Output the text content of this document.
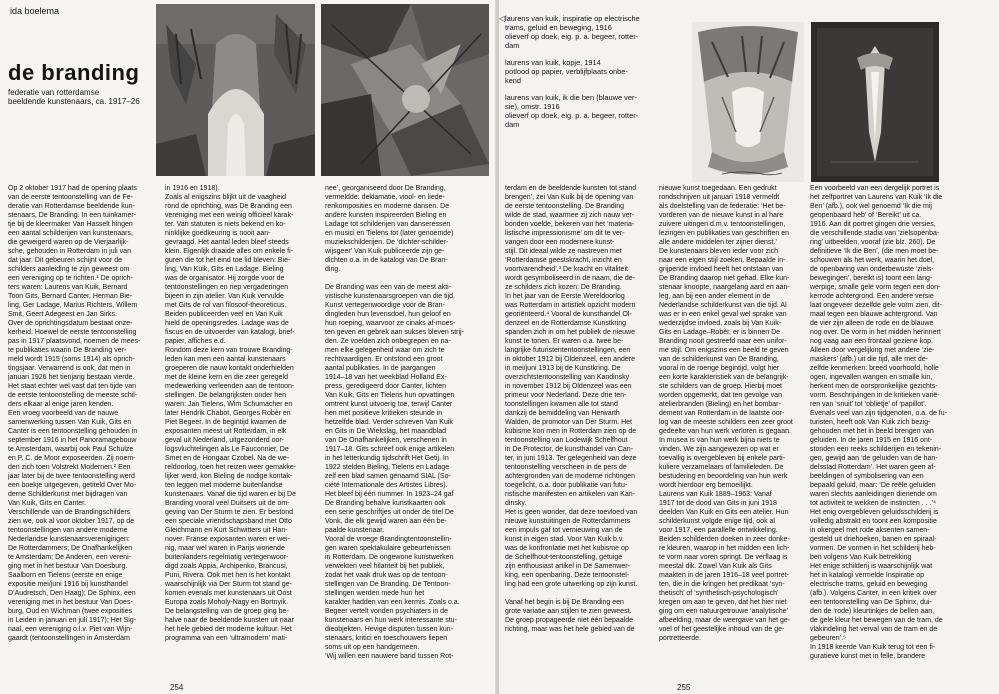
ida boelema
de branding
federatie van rotterdamse
beeldende kunstenaars, ca. 1917–26
Op 2 oktober 1917 had de opening plaats
van de eerste tentoonstelling van de Fe-
deratie van Rotterdamse beeldende kun-
stenaars, De Branding. In een tuinkamer-
tje bij de kleermaker Van Hasselt hingen
een aantal schilderijen van kunstenaars,
die geweigerd waren op de Vierjaarlijk-
sche, gehouden in Rotterdam in juli van
dat jaar. Dit gebeuren schijnt voor de
schilders aanleiding te zijn geweest om
een vereniging op te richten.¹ De oprich-
ters waren: Laurens van Kuik, Bernard
Toon Gits, Bernard Canter, Herman Bie-
ling, Ger Ladage, Marius Richters, Willem
Smit, Geert Adegeest en Jan Sirks.
Over de oprichtingsdatum bestaat onze-
kerheid. Hoewel de eerste tentoonstelling
pas in 1917 plaatsvond, noemen de mees-
te publikaties waarin De Branding ver-
meld wordt 1915 (soms 1914) als oprich-
tingsjaar. Verwarrend is ook, dat men in
januari 1926 het tienjarig bestaan vierde.
Het staat echter wel vast dat ten tijde van
de eerste tentoonstelling de meeste schil-
ders elkaar al enige jaren kenden.
Een vroeg voorbeeld van de nauwe
samenwerking tussen Van Kuik, Gits en
Canter is een tentoonstelling gehouden in
september 1916 in het Panoramagebouw
te Amsterdam, waarbij ook Paul Schulze
en P. C. de Moor exposeerden. Zij noem-
den zich toen Volstrekt Modernen.² Een
jaar later bij de twee tentoonstelling werd
een boekje uitgegeven, getiteld Over Mo-
derne Schilderkunst met bijdragen van
Van Kuik, Gits en Canter.
Verschillende van de Brandingschilders
zien we, ook al voor oktober 1917, op de
tentoonstellingen van andere moderne
Nederlandse kunstenaarsverenigingen:
De Rotterdammers; De Onafhankelijken
te Amsterdam; De Anderen, een vereni-
ging met in het bestuur Van Doesburg.
Saalborn en Tielens (eerste en enige
expositie mei/juni 1916 bij kunsthandel
D’Audretsch, Den Haag); De Sphinx, een
vereniging met in het bestuur Van Does-
burg, Oud en Wichman (twee exposities
in Leiden in januari en juli 1917); Het Sig-
naal, een vereniging o.l.v. Piet van Wijn-
gaardt (tentoonstellingen in Amsterdam
in 1916 en 1918).
Zoals al enigszins blijkt uit de vaagheid
rond de oprichting, was De Branding een
vereniging met een weinig officieel karak-
ter. Van statuten is niets bekend en ko-
ninklijke goedkeuring is nooit aan-
gevraagd. Het aantal leden bleef steeds
klein. Eigenlijk draaide alles om enkele fi-
guren die tot het eind toe lid bleven: Bie-
ling, Van Kuik, Gits en Ladage. Bieling
was de organisator. Hij zorgde voor de
tentoonstellingen en riep vergaderingen
bijeen in zijn atelier. Van Kuik vervulde
met Gits de rol van filosoof-theoreticus.
Beiden publiceerden veel en Van Kuik
hield de openingsredes. Ladage was de
fiscus en de uitvoerder van katalogi, brief-
papier, affiches e.d.
Rondom deze kern van trouwe Branding-
leden kan men een aantal kunstenaars
groeperen die nauw kontakt onderhielden
met de kleine kern en die zeer geregeld
medewerking verleenden aan de tentoon-
stellingen. De belangrijksten onder hen
waren: Jan Tielens, Wim Schumacher en
later Hendrik Chabot, Georges Robèr en
Piet Begeer. In de begintijd kwamen de
exposanten meest uit Rotterdam, in elk
geval uit Nederland, uitgezonderd oor-
logsvluchtelingen als Le Fauconnier, De
Smet en de Hongaar Czobel. Na de we-
reldoorlog, toen het reizen weer gemakke-
lijker werd, kon Bieling de nodige kontak-
ten leggen met moderne buitenlandse
kunstenaars. Vanaf die tijd waren er bij De
Branding vooral veel Duitsers uit de om-
geving van Der Sturm te zien. Er bestond
een speciale vriendschapsband met Otto
Gleichmann en Kurt Schwitters uit Han-
nover. Franse exposanten waren er wei-
nig, maar wel waren in Parijs wonende
buitenlanders regelmatig vertegenwoor-
digd zoals Appia, Archipenko, Brancusi,
Puni, Rivera. Ook met hen is het kontakt
waarschijnlijk via Der Sturm tot stand ge-
komen evenals met kunstenaars uit Oost
Europa zoals Moholy-Nagy en Bortnyik.
De belangstelling van de groep ging be-
halve naar de beeldende kunsten uit naar
het hele gebied der moderne kultuur. Het
programma van een ‘ultramodern’ mati-
nee’, georganiseerd door De Branding,
vermeldde: deklamatie, viool- en liede-
renkomposities en moderne dansen. De
andere kunsten inspireerden Bieling en
Ladage tot schilderijen van danseressen
en musici en Tielens tot (later genoemde)
muziekschilderijen. De ‘dichter-schilder-
wijsgeer’ Van Kuik publiceerde zijn ge-
dichten o.a. in de katalogi van De Bran-
ding.
De Branding was een van de meest akti-
vistische kunstenaarsgroepen van die tijd.
Kunst vertegenwoordige voor de Bran-
dingleden hun levensdoel, hun geloof en
hun roeping, waarvoor ze cinaks af-moes-
ten geven en gebrek aan sukses bleven strij-
den. Ze voelden zich onbegrepen en na-
men elke gelegenheid waar om zich te
rechtvaardigen. Er ontstond een groot
aantal publikaties. In de jaargangen
1914–18 van het weekblad Holland Ex-
press, geredigeerd door Canter, lichten
Van Kuik, Gits en Tielens hun opvattingen
omtrent kunst uitvoerig toe, terwijl Canter
hen met positieve kritieken steunde in
hetzelfde blad. Verder schreven Van Kuik
en Gits in De Wiekslag, het maandblad
van De Onafhankelijken, verschenen in
1917–18. Gits schreef ook enige artikelen
in het letterkundig tijdschrift Het Getij. In
1922 stelden Bieling, Tielens en Ladage
zelf een blad samen genaamd SIAL (So-
ciété Internationale des Artistes Libres).
Het bleef bij één nummer. In 1923–24 gaf
De Branding behalve kunstkaarten ook
een serie geschriftjes uit onder de titel De
Vonk, die elk gewijd waren aan één be-
paalde kunstenaar.
Vooral de vroege Brandingtentoonstellin-
gen waren spektakulaire gebeurtenissen
in Rotterdam. De ongewone kunstwerken
verwekten veel hilariteit bij het publiek,
zodat het vaak druk was op de tentoon-
stellingen van De Branding. De Tentoon-
stellingen werden mede hun het
karakter hadden van een kermis. Zoals o.a.
Begeer vertelt vonden psychiaters in de
kunstenaars en hun werk interessante stu-
dieobjekten. Hevige disputen tussen kun-
stenaars, kritici en toeschouwers liepen
soms uit op een handgemeen.
‘Wij willen een nauwere band tussen Rot-
254
laurens van kuik, inspiratie op electrische
trams, geluid en beweging, 1916
olieverf op doek, eig. p. a. begeer, rotter-
dam
laurens van kuik, kopje, 1914
potlood op papier, verblijfplaats onbe-
kend
laurens van kuik, ik die ben (blauwe ver-
sie), omstr. 1916
olieverf op doek, eig. p. a. begeer, rotter-
dam
◁
terdam en de beeldende kunsten tot stand
brengen’, zei Van Kuik bij de opening van
de eerste tentoonstelling. De Branding
wilde de stad, waarmee zij zich nauw ver-
bonden voelde, bekeren van het ‘materia-
listische impressionisme’ om dit te ver-
vangen door een modernere kunst-
stijl. Dit ideaal wilde ze nastreven met
‘Rotterdamse geestskracht, inzicht en
voortvarendheid’.³ De kracht en vitaliteit
wordt gesymboliseerd in de naam, die de-
ze schilders zich kozen: De Branding.
In het jaar van de Eerste Wereldoorlog
was Rotterdam in artistiek opzicht modern
georiënteerd.⁴ Vooral de kunsthandel Ol-
denzeel en de Rotterdamse Kunstkring
spanden zich in om het publiek de nieuwe
kunst te tonen. Er waren o.a. twee be-
langrijke futuristententoonstellingen, een
in oktober 1912 bij Oldenzeel, een andere
in mei/juni 1913 bij de Kunstkring. De
overzichtstentoonstelling van Kandinsky
in november 1912 bij Oldenzeel was een
primeur voor Nederland. Deze drie ten-
toonstellingen kwamen alle tot stand
dankzij de bemiddeling van Herwarth
Walden, de promotor van Der Sturm. Het
kubisme kon men in Rotterdam zien op de
tentoonstelling van Lodewijk Schelfhout
in De Protector, de kunsthandel van Can-
ter, in juni 1913. Ter gelegenheid van deze
tentoonstelling verscheen in de pers de
achtergronden van de moderne richtingen
toegelicht, o.a. door publikatie van futu-
ristische manifesten en artikelen van Kan-
dinsky.
Het is geen wonder, dat deze toevloed van
nieuwe kunstuitingen de Rotterdammers
een impuls gaf tot vernieuwing van de
kunst in eigen stad. Voor Van Kuik b.v.
was de konfrontatie met het kubisme op
de Schelfhout-tentoonstelling, getuige
zijn enthousiast artikel in De Samenwer-
king, een openbaring. Deze tentoonstel-
ling had een grote uitwerking op zijn kunst.
Vanaf het begin is bij De Branding een
grote variatie aan stijlen te zien geweest.
De groep propageerde niet één bepaalde
richting, maar was het hele gebied van de
nieuwe kunst toegedaan. Een gedrukt
rondschrijven uit januari 1918 vermeldt
als doelstelling van de federatie: ‘Het be-
vorderen van de nieuwe kunst in al hare
zuivere uitingen d.m.v. tentoonstellingen,
lezingen en publikaties van geschriften en
alle andere middelen ter zijner dienst.’
De kunstenaars bleven ieder voor zich
naar een eigen stijl zoeken. Bepaalde in-
grijpende invloed heeft het ontstaan van
De Branding daarop niet gehad. Elke kun-
stenaar knoopte, naargelang aard en aan-
leg, aan bij een ander element in de
Nederlandse schilderkunst van die tijd. Al
was er in een enkel geval wel sprake van
wederzijdse invloed, zoals bij Van Kuik-
Gits en Ladage–Robèr, er is binnen De
Branding nooit gestreefd naar een unifor-
me stijl. Om enigszins een beeld te geven
van de schilderkunst van De Branding,
vooral in de roerige begintijd, volgt hier
een korte karakteristiek van de belangrijk-
ste schilders van de groep. Hierbij moet
worden opgemerkt, dat ten gevolge van
atelierbranden (Bieling) en het bombar-
dement van Rotterdam in de laatste oor-
log van de meeste schilders een zeer groot
gedeelte van hun werk verloren is gegaan.
In musea is van hun werk bijna niets te
vinden. We zijn aangewezen op wat er
toevallig is overgebleven bij enkele parti-
kuliere verzamelaars of familieleden. De
bestudering en beoordeling van hun werk
wordt hierdoor erg bemoeilijkt.
Laurens van Kuik 1889–1963: Vanaf
1917 tot de dood van Gits in juni 1918
deelden Van Kuik en Gits een atelier. Hun
schilderkunst volgde enige tijd, ook al
voor 1917, een parallelle ontwikkeling.
Beiden schilderden doeken in zeer donke-
re kleuren, waarop in het midden een lich-
te vorm naar voren springt. De verflaag is
meestal dik. Zowel Van Kuik als Gits
maakten in de jaren 1916–18 veel portret-
ten, die in die kringen het predikaat ‘syn-
thetisch’ of ‘synthetisch-psychologisch’
kregen om aan te geven, dat het hier niet
ging om een natuurgetrouwe ‘analytische’
afbeelding, maar de weergave van het ge-
voel of het geestelijke inhoud van de ge-
portretteerde.
Een voorbeeld van een dergelijk portret is
het zelfportret van Laurens van Kuik ‘Ik die
Ben’ (afb.), ook wel genoemd ‘Ik die mij
geopenbaard heb’ of ‘Bereikt’ uit ca.
1916. Aan dit portret gingen drie versies,
die verschillende stadia van ‘zielsopenba-
ring’ uitbeelden, vooraf (zie blz. 260). De
definitieve ‘Ik die Ben’, (die men moet be-
schouwen als het werk, waarin het doel,
de openbaring van onderbewuste ‘ziels-
bewegingen’, bereikt is) toont een lang-
werpige, smalle gele vorm tegen een don-
kerrode achtergrond. Een andere versie
laat ongeveer dezelfde gele vorm zien, dit-
maal tegen een blauwe achtergrond. Van
de vier zijn alleen de rode en de blauwe
nog over. De vorm in het midden herinnert
nog vaag aan een frontaal geziene kop.
Alleen door vergelijking met andere ‘zie-
maskers’ (afb.) uit die tijd, alle met de-
zelfde kenmerken: breed voorhoofd, holle
ogen, ingevallen wangen en smalle kin,
herkent men de oorspronkelijke gezichts-
vorm. Beschrijvingen in de kritieken varië-
ren van ‘snuit’ tot ‘oblietje’ of ‘papillot’.
Evenals veel van zijn tijdgenoten, o.a. de fu-
turisten, heeft ook Van Kuik zich bezig-
gehouden met het in beeld brengen van
geluiden. In de jaren 1915 en 1916 ont-
stonden een reeks schilderijen en tekenin-
gen, gewijd aan ‘de geluiden van de han-
delsstad Rotterdam’. Het waren geen af-
beeldingen of symbolisering van een
bepaald geluid, maar: ‘De reële geluiden
waren slechts aanleidingen dienende om
tot activiteit te wekken de instincten . . .’⁴
Het enig overgebleven geluidsschilderij is
volledig abstrakt en toont een kompositie
in okergeel met rode aksenten samen-
gesteld uit driehoeken, banen en spiraal-
vormen. De vormen in het schilderij heb-
ben volgens Van Kuik betrekking
Het enige schilderij is waarschijnlijk wat
het in katalogi vermelde Inspiratie op
electrische trams, geluid en beweging
(afb.). Volgens Canter, in een kritiek over
een tentoonstelling van De Sphinx, dui-
den de ‘rode) kleurtinkjes de bellen aan,
de gele kleur het bewegen van de tram, de
vlakindeling het verval van de tram en de
gebeuren’.⁵
In 1918 keerde Van Kuik terug tot een fi-
guratieve kunst met in felle, brandere
255
